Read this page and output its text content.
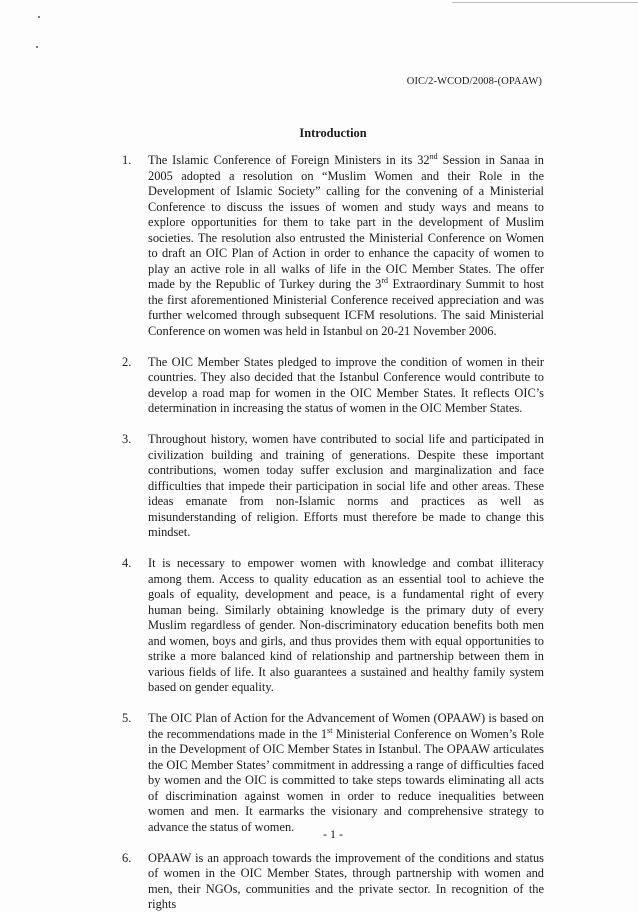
OIC/2-WCOD/2008-(OPAAW)
Introduction
1. The Islamic Conference of Foreign Ministers in its 32nd Session in Sanaa in 2005 adopted a resolution on “Muslim Women and their Role in the Development of Islamic Society” calling for the convening of a Ministerial Conference to discuss the issues of women and study ways and means to explore opportunities for them to take part in the development of Muslim societies. The resolution also entrusted the Ministerial Conference on Women to draft an OIC Plan of Action in order to enhance the capacity of women to play an active role in all walks of life in the OIC Member States. The offer made by the Republic of Turkey during the 3rd Extraordinary Summit to host the first aforementioned Ministerial Conference received appreciation and was further welcomed through subsequent ICFM resolutions. The said Ministerial Conference on women was held in Istanbul on 20-21 November 2006.

2. The OIC Member States pledged to improve the condition of women in their countries. They also decided that the Istanbul Conference would contribute to develop a road map for women in the OIC Member States. It reflects OIC’s determination in increasing the status of women in the OIC Member States.

3. Throughout history, women have contributed to social life and participated in civilization building and training of generations. Despite these important contributions, women today suffer exclusion and marginalization and face difficulties that impede their participation in social life and other areas. These ideas emanate from non-Islamic norms and practices as well as misunderstanding of religion. Efforts must therefore be made to change this mindset.

4. It is necessary to empower women with knowledge and combat illiteracy among them. Access to quality education as an essential tool to achieve the goals of equality, development and peace, is a fundamental right of every human being. Similarly obtaining knowledge is the primary duty of every Muslim regardless of gender. Non-discriminatory education benefits both men and women, boys and girls, and thus provides them with equal opportunities to strike a more balanced kind of relationship and partnership between them in various fields of life. It also guarantees a sustained and healthy family system based on gender equality.

5. The OIC Plan of Action for the Advancement of Women (OPAAW) is based on the recommendations made in the 1st Ministerial Conference on Women’s Role in the Development of OIC Member States in Istanbul. The OPAAW articulates the OIC Member States’ commitment in addressing a range of difficulties faced by women and the OIC is committed to take steps towards eliminating all acts of discrimination against women in order to reduce inequalities between women and men. It earmarks the visionary and comprehensive strategy to advance the status of women.

6. OPAAW is an approach towards the improvement of the conditions and status of women in the OIC Member States, through partnership with women and men, their NGOs, communities and the private sector. In recognition of the rights

- 1 -
